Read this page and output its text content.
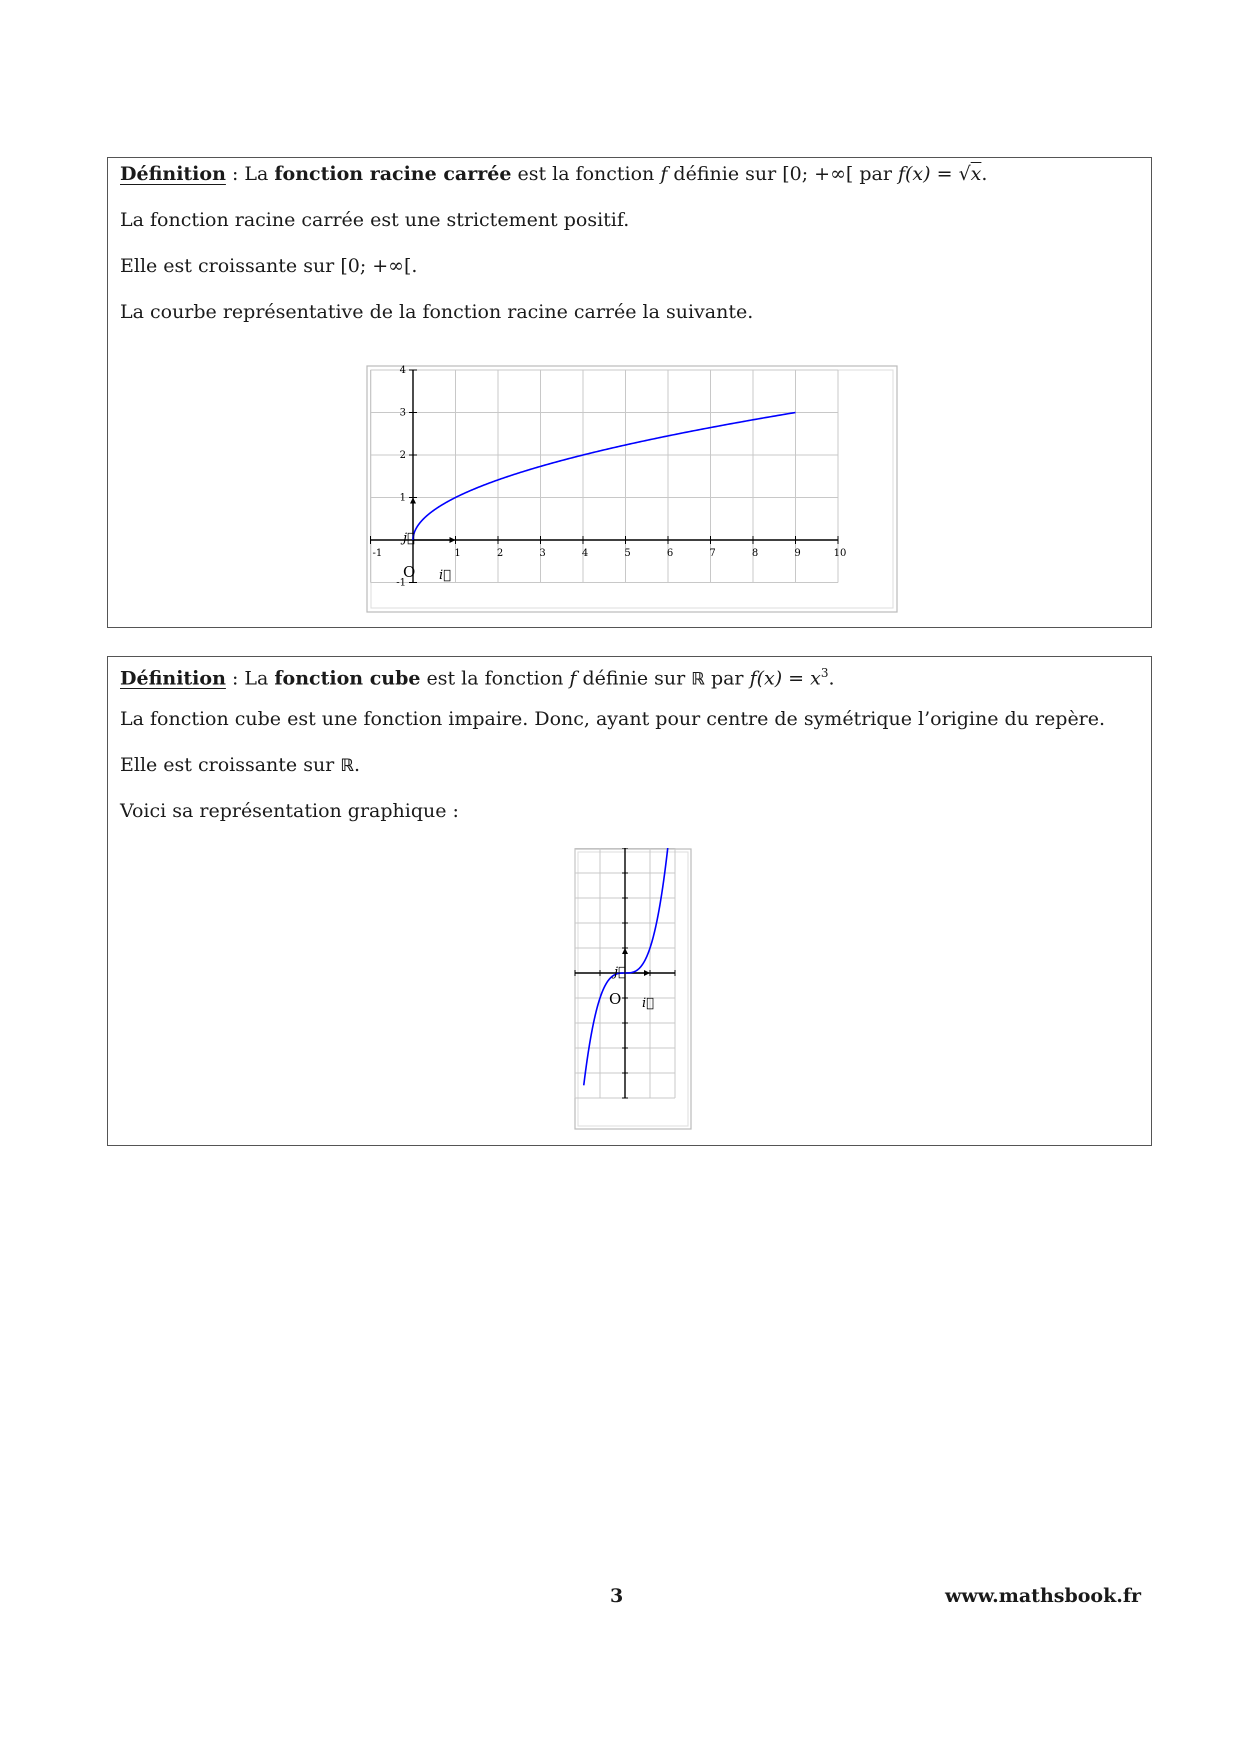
Définition : La fonction racine carrée est la fonction f définie sur [0; +∞[ par f(x) = √x.
La fonction racine carrée est une strictement positif.
Elle est croissante sur [0; +∞[.
La courbe représentative de la fonction racine carrée la suivante.
-1	1	2	3	4	5	6	7	8	9	10
-1
1
2
3
4
O i⃗
j⃗
Définition : La fonction cube est la fonction f définie sur ℝ par $f(x) = x^3$.
La fonction cube est une fonction impaire. Donc, ayant pour centre de symétrique l’origine du repère.
Elle est croissante sur ℝ.
Voici sa représentation graphique :
O i⃗
j⃗
3	www.mathsbook.fr
